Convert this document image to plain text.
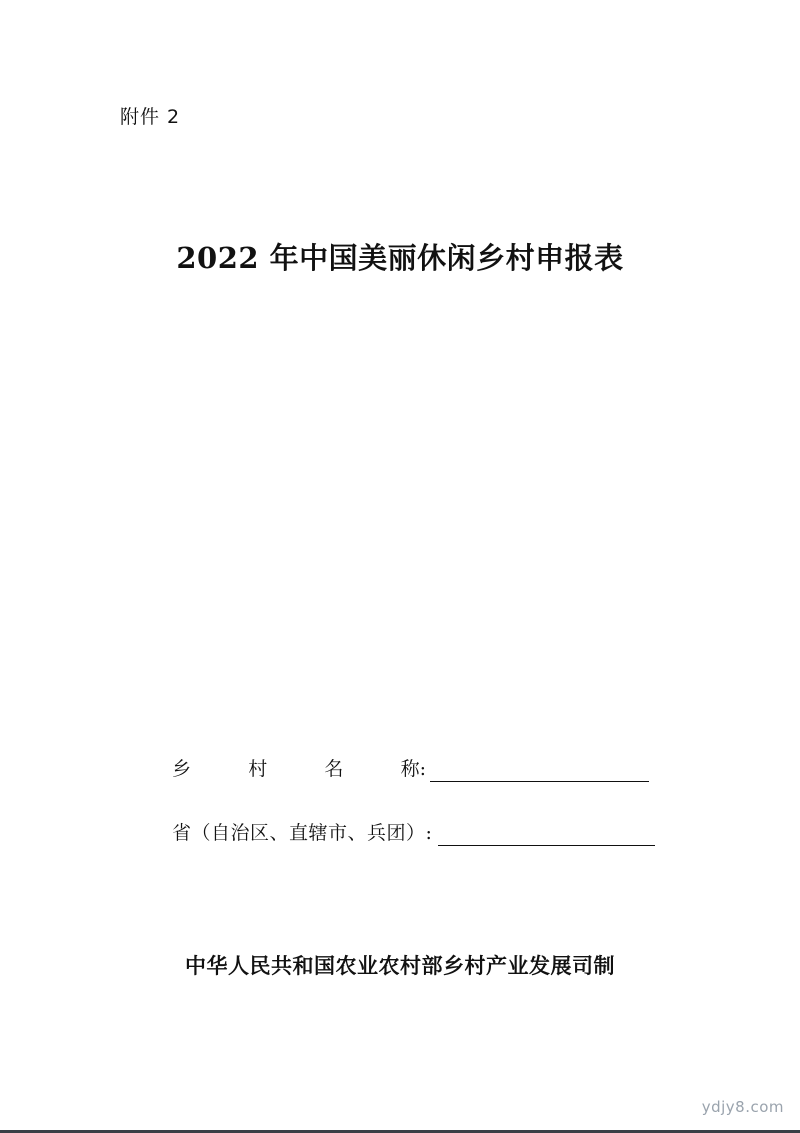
附件 2
2022 年中国美丽休闲乡村申报表
乡	村	名	称:
省（自治区、直辖市、兵团）:
中华人民共和国农业农村部乡村产业发展司制
ydjy8.com
